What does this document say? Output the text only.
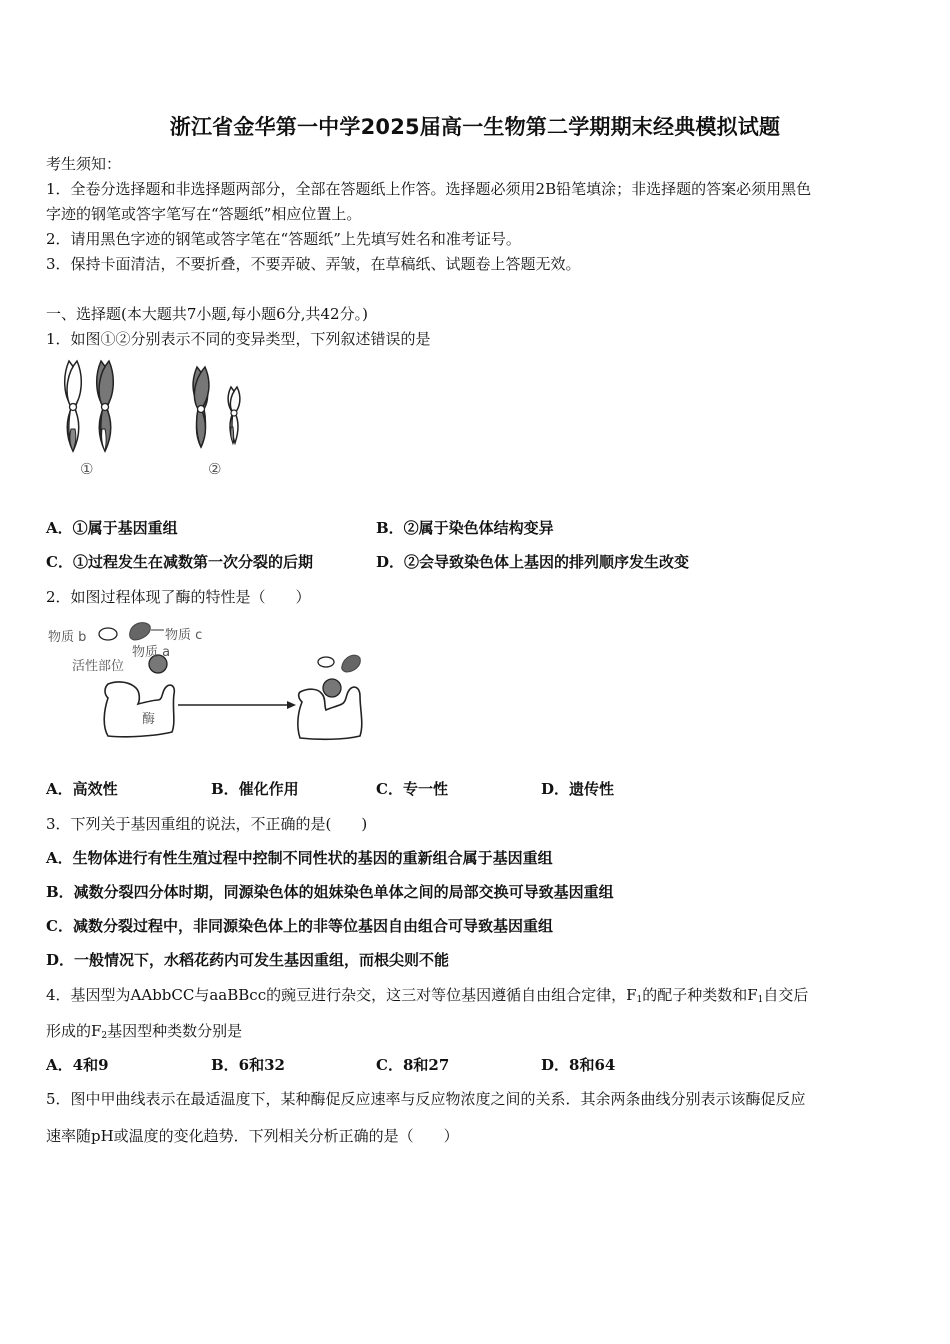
浙江省金华第一中学2025届高一生物第二学期期末经典模拟试题
考生须知：
1．全卷分选择题和非选择题两部分，全部在答题纸上作答。选择题必须用2B铅笔填涂；非选择题的答案必须用黑色
字迹的钢笔或答字笔写在“答题纸”相应位置上。
2．请用黑色字迹的钢笔或答字笔在“答题纸”上先填写姓名和准考证号。
3．保持卡面清洁，不要折叠，不要弄破、弄皱，在草稿纸、试题卷上答题无效。
一、选择题(本大题共7小题,每小题6分,共42分。)
1．如图①②分别表示不同的变异类型，下列叙述错误的是
①	②
A．①属于基因重组	B．②属于染色体结构变异
C．①过程发生在减数第一次分裂的后期	D．②会导致染色体上基因的排列顺序发生改变
2．如图过程体现了酶的特性是（　　）
物质 b	物质 c
物质 a
活性部位
酶
A．高效性	B．催化作用	C．专一性	D．遗传性
3．下列关于基因重组的说法，不正确的是(　　)
A．生物体进行有性生殖过程中控制不同性状的基因的重新组合属于基因重组
B．减数分裂四分体时期，同源染色体的姐妹染色单体之间的局部交换可导致基因重组
C．减数分裂过程中，非同源染色体上的非等位基因自由组合可导致基因重组
D．一般情况下，水稻花药内可发生基因重组，而根尖则不能
4．基因型为AAbbCC与aaBBcc的豌豆进行杂交，这三对等位基因遵循自由组合定律，$F_1$的配子种类数和$F_1$自交后
形成的$F_2$基因型种类数分别是
A．4和9	B．6和32	C．8和27	D．8和64
5．图中甲曲线表示在最适温度下，某种酶促反应速率与反应物浓度之间的关系．其余两条曲线分别表示该酶促反应
速率随pH或温度的变化趋势．下列相关分析正确的是（　　）
